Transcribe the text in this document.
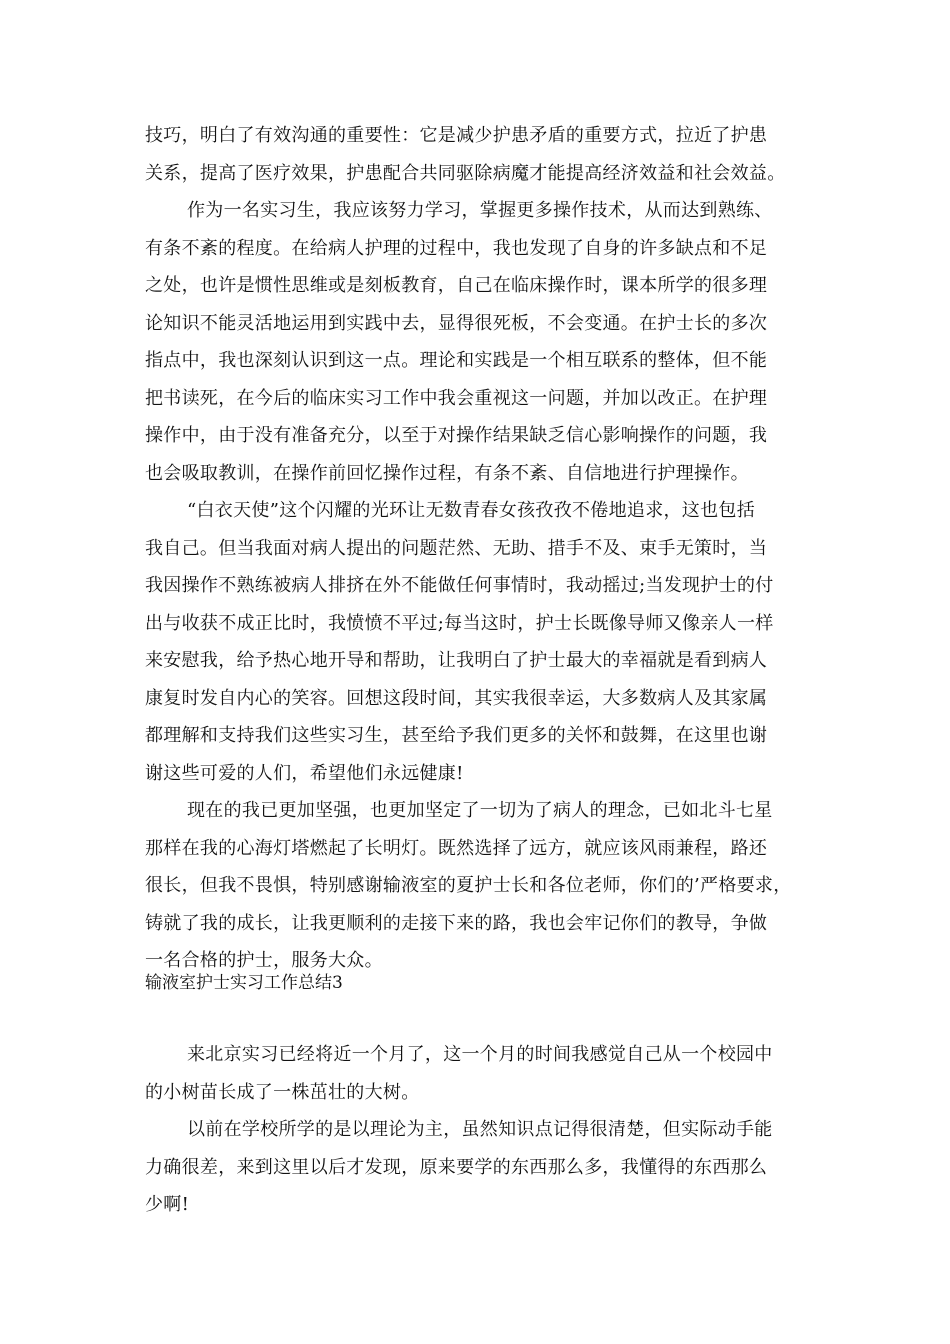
技巧，明白了有效沟通的重要性：它是减少护患矛盾的重要方式，拉近了护患
关系，提高了医疗效果，护患配合共同驱除病魔才能提高经济效益和社会效益。
作为一名实习生，我应该努力学习，掌握更多操作技术，从而达到熟练、
有条不紊的程度。在给病人护理的过程中，我也发现了自身的许多缺点和不足
之处，也许是惯性思维或是刻板教育，自己在临床操作时，课本所学的很多理
论知识不能灵活地运用到实践中去，显得很死板，不会变通。在护士长的多次
指点中，我也深刻认识到这一点。理论和实践是一个相互联系的整体，但不能
把书读死，在今后的临床实习工作中我会重视这一问题，并加以改正。在护理
操作中，由于没有准备充分，以至于对操作结果缺乏信心影响操作的问题，我
也会吸取教训，在操作前回忆操作过程，有条不紊、自信地进行护理操作。
“白衣天使”这个闪耀的光环让无数青春女孩孜孜不倦地追求，这也包括
我自己。但当我面对病人提出的问题茫然、无助、措手不及、束手无策时，当
我因操作不熟练被病人排挤在外不能做任何事情时，我动摇过;当发现护士的付
出与收获不成正比时，我愤愤不平过;每当这时，护士长既像导师又像亲人一样
来安慰我，给予热心地开导和帮助，让我明白了护士最大的幸福就是看到病人
康复时发自内心的笑容。回想这段时间，其实我很幸运，大多数病人及其家属
都理解和支持我们这些实习生，甚至给予我们更多的关怀和鼓舞，在这里也谢
谢这些可爱的人们，希望他们永远健康!
现在的我已更加坚强，也更加坚定了一切为了病人的理念，已如北斗七星
那样在我的心海灯塔燃起了长明灯。既然选择了远方，就应该风雨兼程，路还
很长，但我不畏惧，特别感谢输液室的夏护士长和各位老师，你们的’严格要求，
铸就了我的成长，让我更顺利的走接下来的路，我也会牢记你们的教导，争做
一名合格的护士，服务大众。
输液室护士实习工作总结3
来北京实习已经将近一个月了，这一个月的时间我感觉自己从一个校园中
的小树苗长成了一株茁壮的大树。
以前在学校所学的是以理论为主，虽然知识点记得很清楚，但实际动手能
力确很差，来到这里以后才发现，原来要学的东西那么多，我懂得的东西那么
少啊!
